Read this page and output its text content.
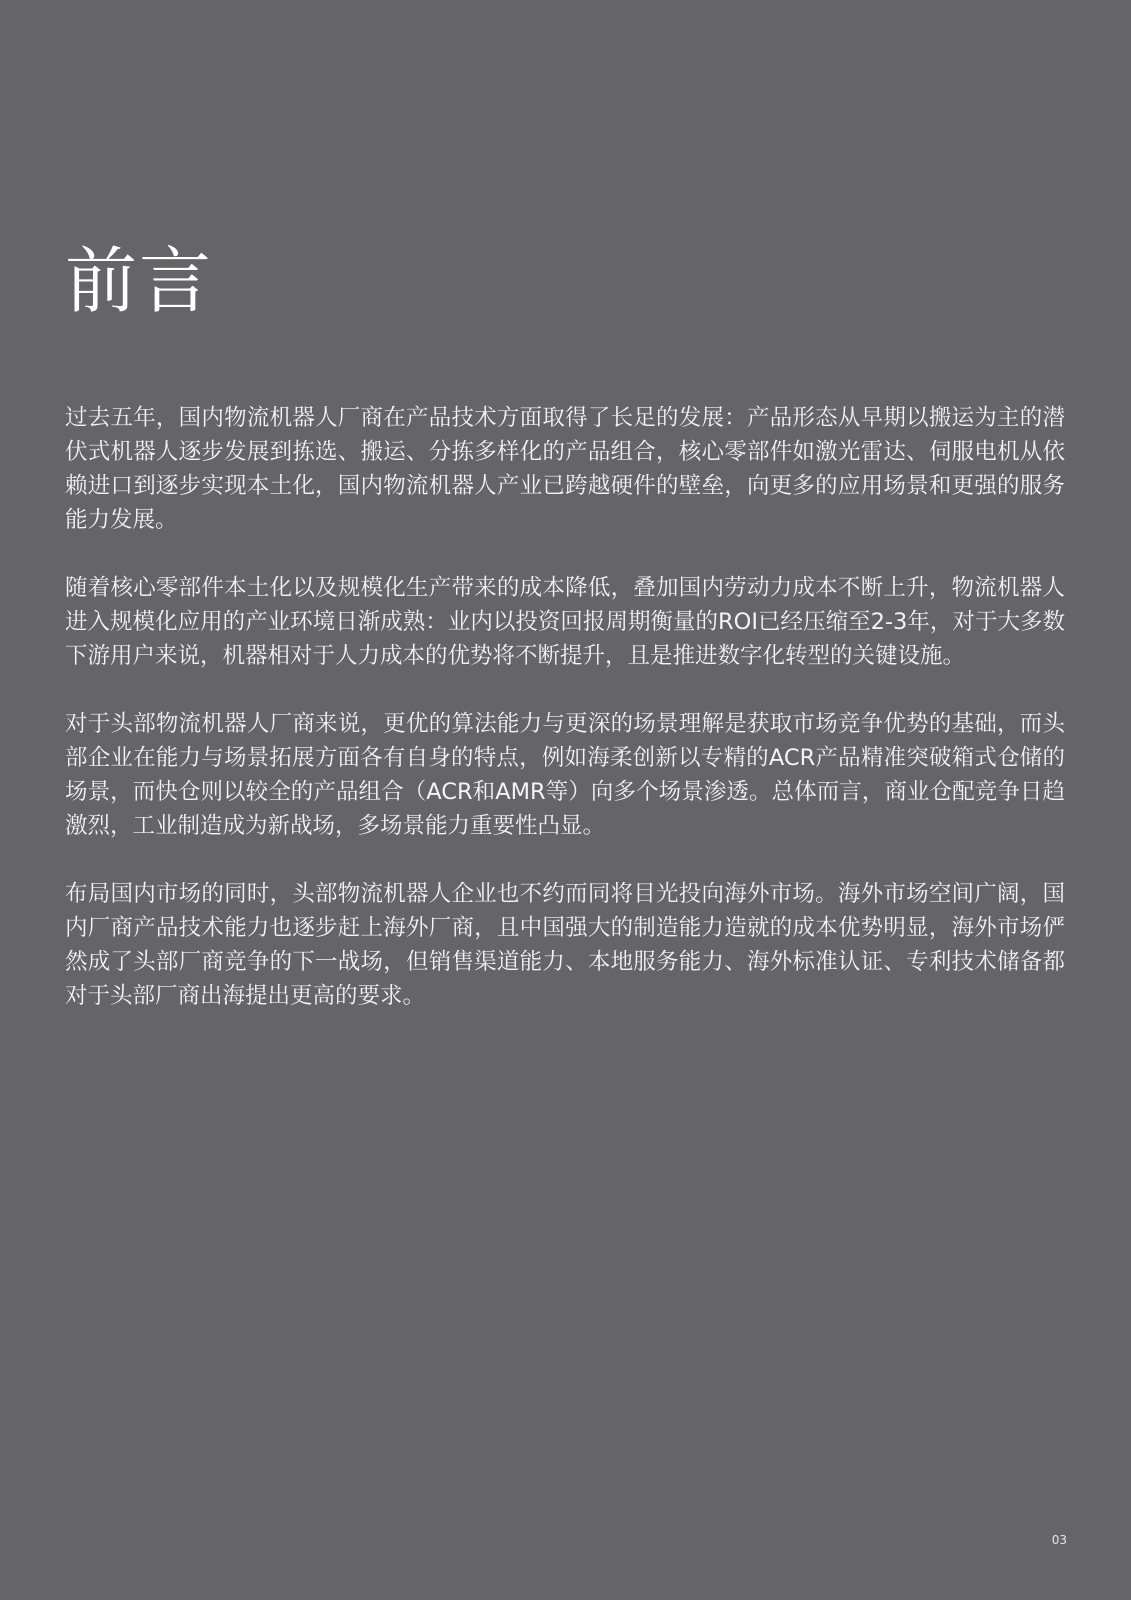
前言

过去五年，国内物流机器人厂商在产品技术方面取得了长足的发展：产品形态从早期以搬运为主的潜伏式机器人逐步发展到拣选、搬运、分拣多样化的产品组合，核心零部件如激光雷达、伺服电机从依赖进口到逐步实现本土化，国内物流机器人产业已跨越硬件的壁垒，向更多的应用场景和更强的服务能力发展。

随着核心零部件本土化以及规模化生产带来的成本降低，叠加国内劳动力成本不断上升，物流机器人进入规模化应用的产业环境日渐成熟：业内以投资回报周期衡量的ROI已经压缩至2-3年，对于大多数下游用户来说，机器相对于人力成本的优势将不断提升，且是推进数字化转型的关键设施。

对于头部物流机器人厂商来说，更优的算法能力与更深的场景理解是获取市场竞争优势的基础，而头部企业在能力与场景拓展方面各有自身的特点，例如海柔创新以专精的ACR产品精准突破箱式仓储的场景，而快仓则以较全的产品组合（ACR和AMR等）向多个场景渗透。总体而言，商业仓配竞争日趋激烈，工业制造成为新战场，多场景能力重要性凸显。

布局国内市场的同时，头部物流机器人企业也不约而同将目光投向海外市场。海外市场空间广阔，国内厂商产品技术能力也逐步赶上海外厂商，且中国强大的制造能力造就的成本优势明显，海外市场俨然成了头部厂商竞争的下一战场，但销售渠道能力、本地服务能力、海外标准认证、专利技术储备都对于头部厂商出海提出更高的要求。

03
